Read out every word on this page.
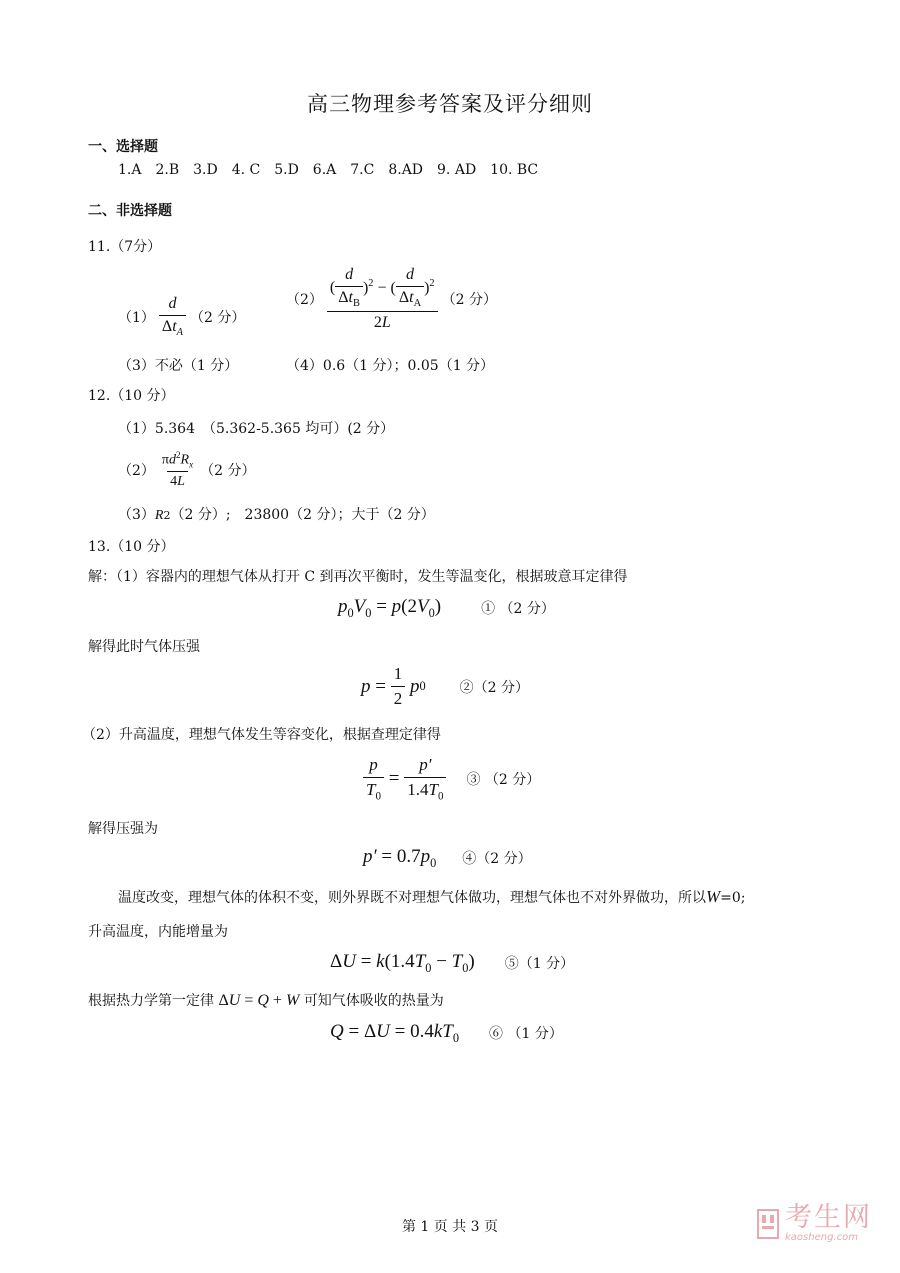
高三物理参考答案及评分细则
一、选择题
1.A　2.B　3.D　4. C　5.D　6.A　7.C　8.AD　9. AD　10. BC
二、非选择题
11.（7分）
$(1) \frac{d}{\Delta t_A} (2$ 分）
$(2) \frac{( \frac{d}{\Delta t_B} )^2 - ( \frac{d}{\Delta t_A} )^2}{2L} (2$ 分）
（3）不必（1 分）	（4）0.6（1 分）；0.05（1 分）
12.（10 分）
（1）5.364　（5.362-5.365 均可）(2 分）
$(2) \frac{\pi d^2R_x}{4L} (2$ 分）
（3）R2（2 分）;　23800（2 分）；大于（2 分）
13.（10 分）
解：（1）容器内的理想气体从打开 C 到再次平衡时，发生等温变化，根据玻意耳定律得
$p_0V_0 = p(2V_0)$	① （2 分）
解得此时气体压强
p =
$\frac{1}{2}$ p 0 ②（2 分）
（2）升高温度，理想气体发生等容变化，根据查理定律得
$\frac{p}{T_0}$
=
$\frac{p'}{1.4T_0}$ ③ （2 分）
解得压强为
$p' = 0.7p_0$ ④（2 分）
温度改变，理想气体的体积不变，则外界既不对理想气体做功，理想气体也不对外界做功，所以W=0;
升高温度，内能增量为
$\Delta U = k(1.4T_0 - T_0)$ ⑤（1 分）
根据热力学第一定律 ΔU = Q + W 可知气体吸收的热量为
$Q = \Delta U = 0.4kT_0$ ⑥ （1 分）
第 1 页 共 3 页	考生网
kaosheng.com
